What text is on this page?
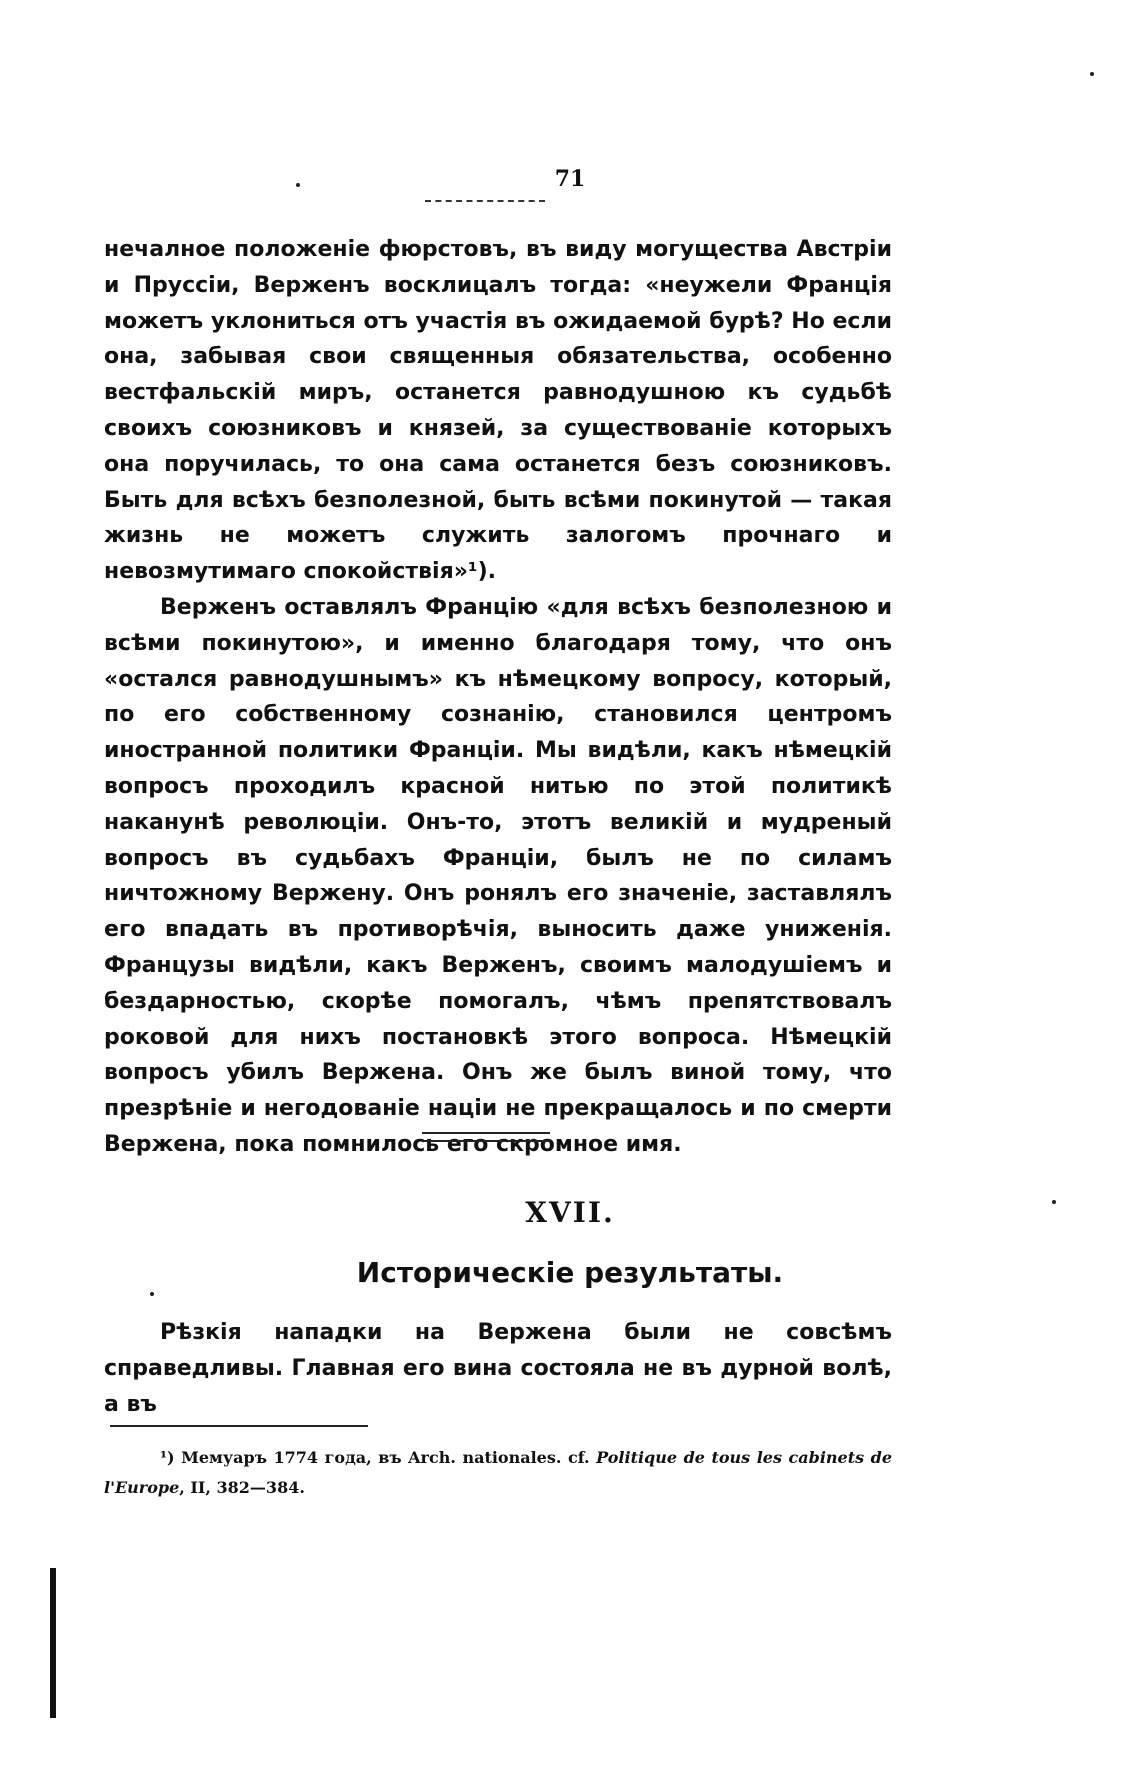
71

нечалное положеніе фюрстовъ, въ виду могущества Австріи и Пруссіи, Верженъ восклицалъ тогда: «неужели Франція можетъ уклониться отъ участія въ ожидаемой бурѣ? Но если она, забывая свои священныя обязательства, особенно вестфальскій миръ, останется равнодушною къ судьбѣ своихъ союзниковъ и князей, за существованіе которыхъ она поручилась, то она сама останется безъ союзниковъ. Быть для всѣхъ безполезной, быть всѣми покинутой — такая жизнь не можетъ служить залогомъ прочнаго и невозмутимаго спокойствія»¹).

Верженъ оставлялъ Францію «для всѣхъ безполезною и всѣми покинутою», и именно благодаря тому, что онъ «остался равнодушнымъ» къ нѣмецкому вопросу, который, по его собственному сознанію, становился центромъ иностранной политики Франціи. Мы видѣли, какъ нѣмецкій вопросъ проходилъ красной нитью по этой политикѣ наканунѣ революціи. Онъ-то, этотъ великій и мудреный вопросъ въ судьбахъ Франціи, былъ не по силамъ ничтожному Вержену. Онъ ронялъ его значеніе, заставлялъ его впадать въ противорѣчія, выносить даже униженія. Французы видѣли, какъ Верженъ, своимъ малодушіемъ и бездарностью, скорѣе помогалъ, чѣмъ препятствовалъ роковой для нихъ постановкѣ этого вопроса. Нѣмецкій вопросъ убилъ Вержена. Онъ же былъ виной тому, что презрѣніе и негодованіе націи не прекращалось и по смерти Вержена, пока помнилось его скромное имя.

XVII.
Историческіе результаты.

Рѣзкія нападки на Вержена были не совсѣмъ справедливы. Главная его вина состояла не въ дурной волѣ, а въ

¹) Мемуаръ 1774 года, въ Arch. nationales. cf. Politique de tous les cabinets de l'Europe, II, 382—384.
